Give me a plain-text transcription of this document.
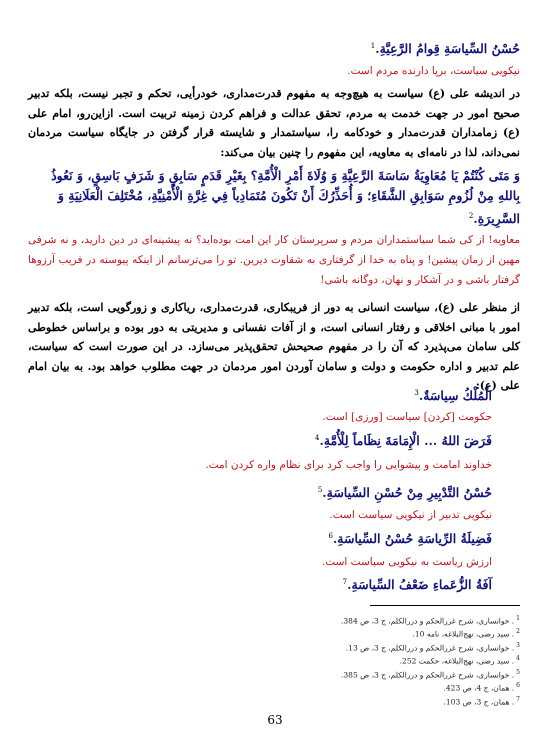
حُسْنُ السِّیاسَةِ قِوامُ الرَّعِیَّةِ.$^1$
نیکویی سیاست، برپا دارنده مردم است.
در اندیشه علی (ع) سیاست به هیچ‌وجه به مفهوم قدرت‌مداری، خودرأیی، تحکم و تجبر نیست، بلکه تدبیر صحیح امور در جهت خدمت به مردم، تحقق عدالت و فراهم کردن زمینه تربیت است. ازاین‌رو، امام علی (ع) زمامداران قدرت‌مدار و خودکامه را، سیاستمدار و شایسته قرار گرفتن در جایگاه سیاست مردمان نمی‌داند، لذا در نامه‌ای به معاویه، این مفهوم را چنین بیان می‌کند:
وَ مَتَى كُنْتُمْ يَا مُعَاوِيَةُ سَاسَةَ الرَّعِيَّةِ وَ وُلَاةَ أَمْرِ الْأُمَّةِ؟ بِغَيْرِ قَدَمٍ سَابِقٍ وَ شَرَفٍ بَاسِقٍ، وَ نَعُوذُ بِاللهِ مِنْ لُزُومِ سَوَابِقِ الشَّقَاءِ؛ وَ أُحَذِّرُكَ أَنْ تَكُونَ مُتَمَادِياً فِي غِرَّةِ الْأُمْنِيَّةِ، مُخْتَلِفَ الْعَلَانِيَةِ وَ السَّرِيرَةِ.$^2$
معاویه! از کی شما سیاستمداران مردم و سرپرستان کار این امت بوده‌اید؟ نه پیشینه‌ای در دین دارید، و نه شرفی مهین از زمان پیشین! و پناه به خدا از گرفتاری به شقاوت دیرین. تو را می‌ترسانم از اینکه پیوسته در فریب آرزوها گرفتار باشی و در آشکار و نهان، دوگانه باشی!
از منظر علی (ع)، سیاست انسانی به دور از فریبکاری، قدرت‌مداری، ریاکاری و زورگویی است، بلکه تدبیر امور با مبانی اخلاقی و رفتار انسانی است، و از آفات نفسانی و مدیریتی به دور بوده و براساس خطوطی کلی سامان می‌پذیرد که آن را در مفهوم صحیحش تحقق‌پذیر می‌سازد. در این صورت است که سیاست، علم تدبیر و اداره حکومت و دولت و سامان آوردن امور مردمان در جهت مطلوب خواهد بود. به بیان امام علی (ع):
الْمُلْكُ سِیاسَةٌ.$^3$
حکومت [کردن] سیاست [ورزی] است.
فَرَضَ اللهُ ... الْإِمَامَةَ نِظَاماً لِلْأُمَّةِ.$^4$
خداوند امامت و پیشوایی را واجب کرد برای نظام واره کردن امت.
حُسْنُ التَّدْبِیرِ مِنْ حُسْنِ السِّیاسَةِ.$^5$
نیکویی تدبیر از نیکویی سیاست است.
فَضِیلَةُ الرِّیاسَةِ حُسْنُ السِّیاسَةِ.$^6$
ارزش ریاست به نیکویی سیاست است.
آفَةُ الزُّعَماءِ ضَعْفُ السِّیاسَةِ.$^7$
$^1$. خوانساری، شرح غررالحکم و دررالکلم، ج 3، ص 384.
$^2$. سید رضی، نهج‌البلاغه، نامه 10.
$^3$. خوانساری، شرح غررالحکم و دررالکلم، ج 3، ص 13.
$^4$. سید رضی، نهج‌البلاغه، حکمت 252.
$^5$. خوانساری، شرح غررالحکم و دررالکلم، ج 3، ص 385.
$^6$. همان، ج 4، ص 423.
$^7$. همان، ج 3، ص 103.
63
